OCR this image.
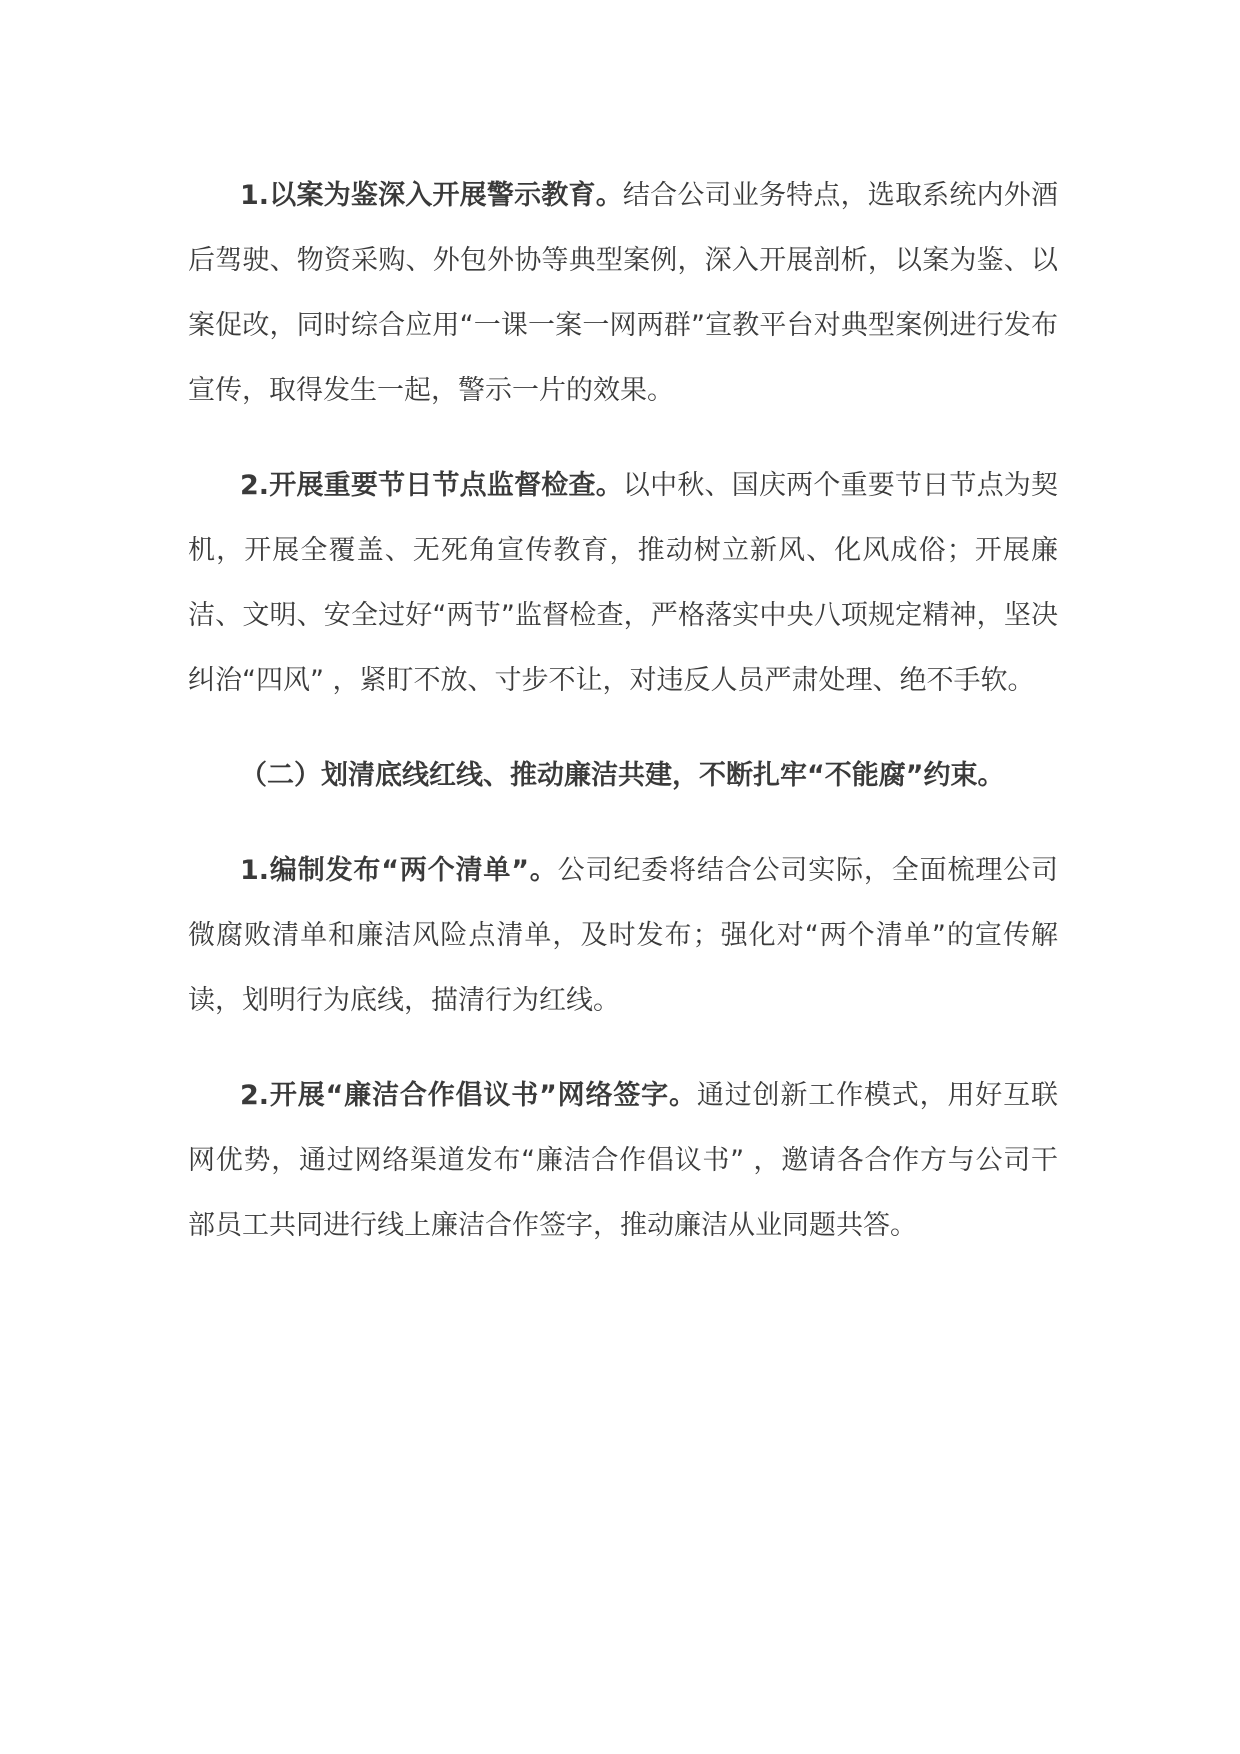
1.以案为鉴深入开展警示教育。结合公司业务特点，选取系统内外酒后驾驶、物资采购、外包外协等典型案例，深入开展剖析，以案为鉴、以案促改，同时综合应用“一课一案一网两群”宣教平台对典型案例进行发布宣传，取得发生一起，警示一片的效果。

2.开展重要节日节点监督检查。以中秋、国庆两个重要节日节点为契机，开展全覆盖、无死角宣传教育，推动树立新风、化风成俗；开展廉洁、文明、安全过好“两节”监督检查，严格落实中央八项规定精神，坚决纠治“四风” ，紧盯不放、寸步不让，对违反人员严肃处理、绝不手软。

（二）划清底线红线、推动廉洁共建，不断扎牢“不能腐”约束。

1.编制发布“两个清单”。公司纪委将结合公司实际，全面梳理公司微腐败清单和廉洁风险点清单，及时发布；强化对“两个清单”的宣传解读，划明行为底线，描清行为红线。

2.开展“廉洁合作倡议书”网络签字。通过创新工作模式，用好互联网优势，通过网络渠道发布“廉洁合作倡议书” ，邀请各合作方与公司干部员工共同进行线上廉洁合作签字，推动廉洁从业同题共答。
